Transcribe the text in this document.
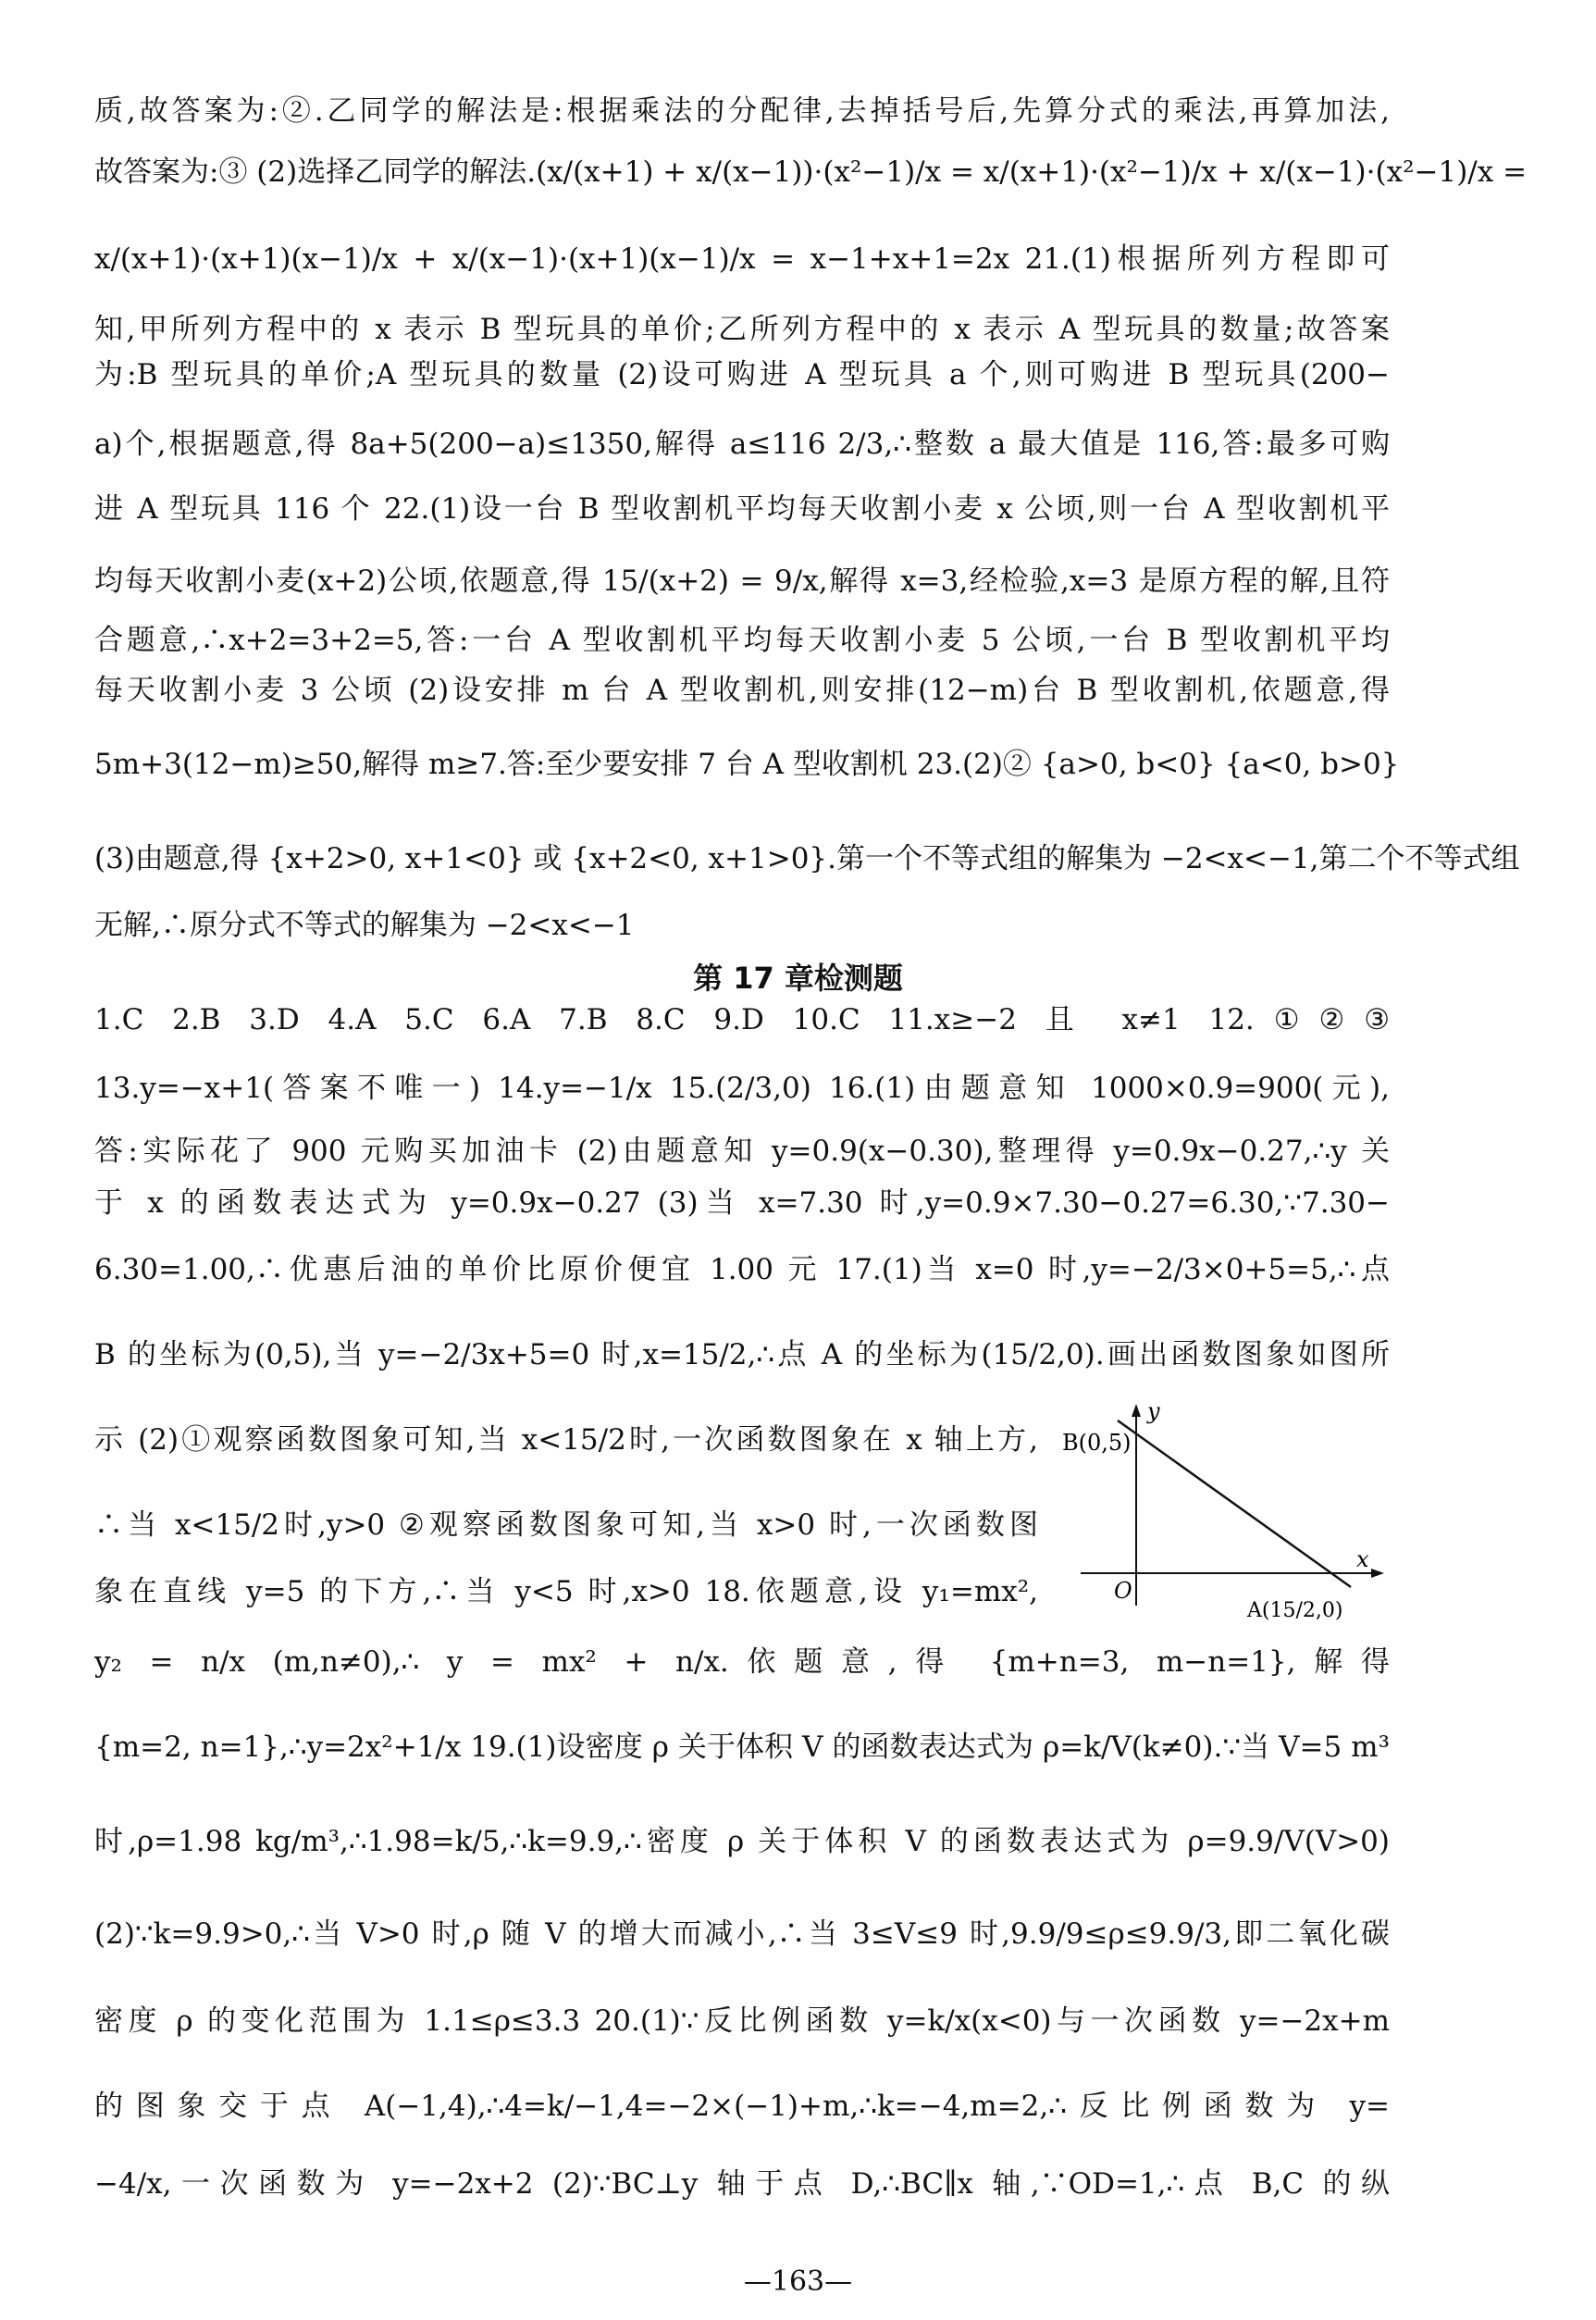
质,故答案为:②.乙同学的解法是:根据乘法的分配律,去掉括号后,先算分式的乘法,再算加法,
故答案为:③ (2)选择乙同学的解法.(x/(x+1) + x/(x−1))·(x²−1)/x = x/(x+1)·(x²−1)/x + x/(x−1)·(x²−1)/x =
x/(x+1)·(x+1)(x−1)/x + x/(x−1)·(x+1)(x−1)/x = x−1+x+1=2x 21.(1)根据所列方程即可
知,甲所列方程中的 x 表示 B 型玩具的单价;乙所列方程中的 x 表示 A 型玩具的数量;故答案
为:B 型玩具的单价;A 型玩具的数量 (2)设可购进 A 型玩具 a 个,则可购进 B 型玩具(200−
a)个,根据题意,得 8a+5(200−a)≤1350,解得 a≤116 2/3,∴整数 a 最大值是 116,答:最多可购
进 A 型玩具 116 个 22.(1)设一台 B 型收割机平均每天收割小麦 x 公顷,则一台 A 型收割机平
均每天收割小麦(x+2)公顷,依题意,得 15/(x+2) = 9/x,解得 x=3,经检验,x=3 是原方程的解,且符
合题意,∴x+2=3+2=5,答:一台 A 型收割机平均每天收割小麦 5 公顷,一台 B 型收割机平均
每天收割小麦 3 公顷 (2)设安排 m 台 A 型收割机,则安排(12−m)台 B 型收割机,依题意,得
5m+3(12−m)≥50,解得 m≥7.答:至少要安排 7 台 A 型收割机 23.(2)② {a>0, b<0} {a<0, b>0}
(3)由题意,得 {x+2>0, x+1<0} 或 {x+2<0, x+1>0}.第一个不等式组的解集为 −2<x<−1,第二个不等式组
无解,∴原分式不等式的解集为 −2<x<−1
第 17 章检测题
1.C 2.B 3.D 4.A 5.C 6.A 7.B 8.C 9.D 10.C 11.x≥−2 且 x≠1 12.①②③
13.y=−x+1(答案不唯一) 14.y=−1/x 15.(2/3,0) 16.(1)由题意知 1000×0.9=900(元),
答:实际花了 900 元购买加油卡 (2)由题意知 y=0.9(x−0.30),整理得 y=0.9x−0.27,∴y 关
于 x 的函数表达式为 y=0.9x−0.27 (3)当 x=7.30 时,y=0.9×7.30−0.27=6.30,∵7.30−
6.30=1.00,∴优惠后油的单价比原价便宜 1.00 元 17.(1)当 x=0 时,y=−2/3×0+5=5,∴点
B 的坐标为(0,5),当 y=−2/3x+5=0 时,x=15/2,∴点 A 的坐标为(15/2,0).画出函数图象如图所
示 (2)①观察函数图象可知,当 x<15/2时,一次函数图象在 x 轴上方,
∴当 x<15/2时,y>0 ②观察函数图象可知,当 x>0 时,一次函数图
象在直线 y=5 的下方,∴当 y<5 时,x>0 18.依题意,设 y₁=mx²,
y₂ = n/x (m,n≠0),∴ y = mx² + n/x.依题意,得 {m+n=3, m−n=1},解得
{m=2, n=1},∴y=2x²+1/x 19.(1)设密度 ρ 关于体积 V 的函数表达式为 ρ=k/V(k≠0).∵当 V=5 m³
时,ρ=1.98 kg/m³,∴1.98=k/5,∴k=9.9,∴密度 ρ 关于体积 V 的函数表达式为 ρ=9.9/V(V>0)
(2)∵k=9.9>0,∴当 V>0 时,ρ 随 V 的增大而减小,∴当 3≤V≤9 时,9.9/9≤ρ≤9.9/3,即二氧化碳
密度 ρ 的变化范围为 1.1≤ρ≤3.3 20.(1)∵反比例函数 y=k/x(x<0)与一次函数 y=−2x+m
的图象交于点 A(−1,4),∴4=k/−1,4=−2×(−1)+m,∴k=−4,m=2,∴反比例函数为 y=
−4/x,一次函数为 y=−2x+2 (2)∵BC⊥y 轴于点 D,∴BC∥x 轴,∵OD=1,∴点 B,C 的纵
y
x
O
B(0,5)
A(15/2,0)
—163—
